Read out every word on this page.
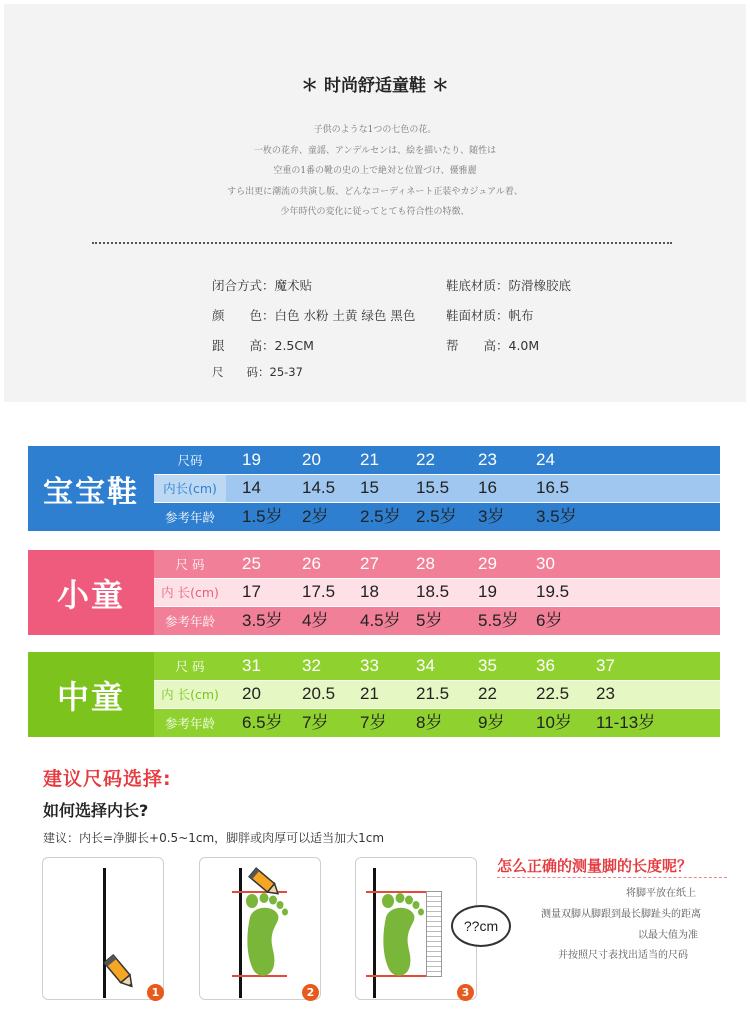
＊ 时尚舒适童鞋 ＊
子供のような1つの七色の花。
一枚の花弁、童謡、アンデルセンは、絵を描いたり、随性は
空重の1番の靴の史の上で絶対と位置づけ、優雅麗
すら出更に潮流の共演し版、どんなコーディネート正装やカジュアル着、
少年時代の変化に従ってとても符合性の特徴、
闭合方式：魔术贴
颜　　色：白色 水粉 土黄 绿色 黑色
跟　　高：2.5CM
尺　　码：25-37
鞋底材质：防滑橡胶底
鞋面材质：帆布
帮　　高：4.0M
宝宝鞋
尺码	19 20 21 22	23 24
内长(cm)	14 14.5 15 15.5 16 16.5
参考年龄	1.5岁 2岁 2.5岁 2.5岁 3岁 3.5岁
小童
尺 码	25 26 27 28	29 30
内 长(cm)	17 17.5 18 18.5 19 19.5
参考年龄	3.5岁 4岁 4.5岁 5岁 5.5岁 6岁
中童
尺 码	31 32 33 34	35 36 37
内 长(cm)	20 20.5 21 21.5 22 22.5 23
参考年龄	6.5岁 7岁 7岁 8岁 9岁 10岁 11-13岁
建议尺码选择:
如何选择内长?
建议：内长=净脚长+0.5~1cm，脚胖或肉厚可以适当加大1cm
1	2	3
??cm
怎么正确的测量脚的长度呢？
将脚平放在纸上
测量双脚从脚跟到最长脚趾头的距离
以最大值为准
并按照尺寸表找出适当的尺码
